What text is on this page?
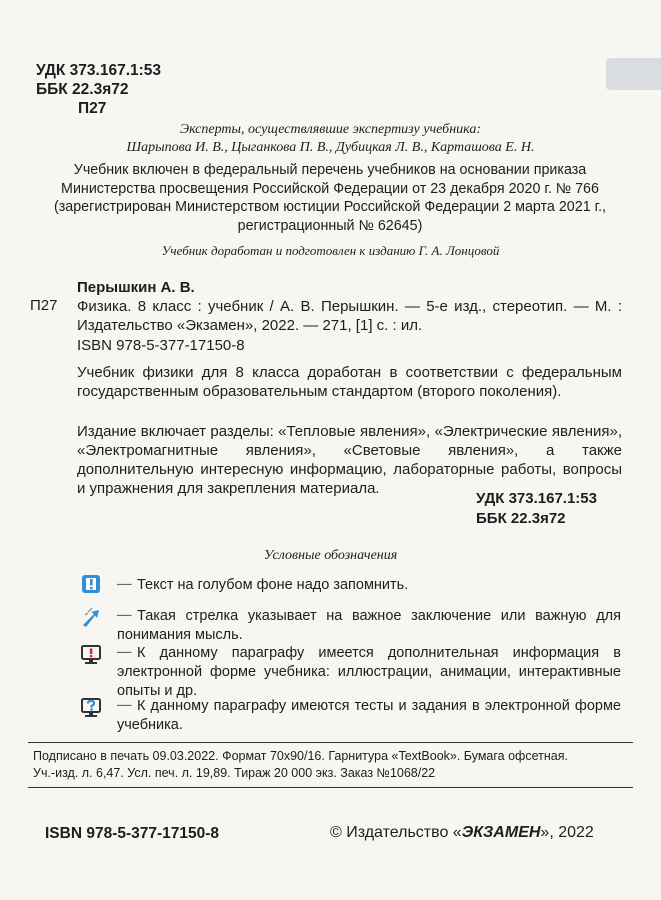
УДК 373.167.1:53
ББК 22.3я72
П27
Эксперты, осуществлявшие экспертизу учебника:
Шарыпова И. В., Цыганкова П. В., Дубицкая Л. В., Карташова Е. Н.
Учебник включен в федеральный перечень учебников на основании приказа
Министерства просвещения Российской Федерации от 23 декабря 2020 г. № 766
(зарегистрирован Министерством юстиции Российской Федерации 2 марта 2021 г.,
регистрационный № 62645)
Учебник доработан и подготовлен к изданию Г. А. Лонцовой
Перышкин А. В.
П27 Физика. 8 класс : учебник / А. В. Перышкин. — 5-е изд., стереотип. — М. : Издательство «Экзамен», 2022. — 271, [1] с. : ил.
ISBN 978-5-377-17150-8
Учебник физики для 8 класса доработан в соответствии с федеральным государственным образовательным стандартом (второго поколения).
Издание включает разделы: «Тепловые явления», «Электрические явления», «Электромагнитные явления», «Световые явления», а также дополнительную интересную информацию, лабораторные работы, вопросы и упражнения для закрепления материала.
УДК 373.167.1:53
ББК 22.3я72
Условные обозначения
— Текст на голубом фоне надо запомнить.
— Такая стрелка указывает на важное заключение или важную для понимания мысль.
— К данному параграфу имеется дополнительная информация в электронной форме учебника: иллюстрации, анимации, интерактивные опыты и др.
— К данному параграфу имеются тесты и задания в электронной форме учебника.
Подписано в печать 09.03.2022. Формат 70х90/16. Гарнитура «TextBook». Бумага офсетная.
Уч.-изд. л. 6,47. Усл. печ. л. 19,89. Тираж 20 000 экз. Заказ №1068/22
ISBN 978-5-377-17150-8	© Издательство «ЭКЗАМЕН», 2022
